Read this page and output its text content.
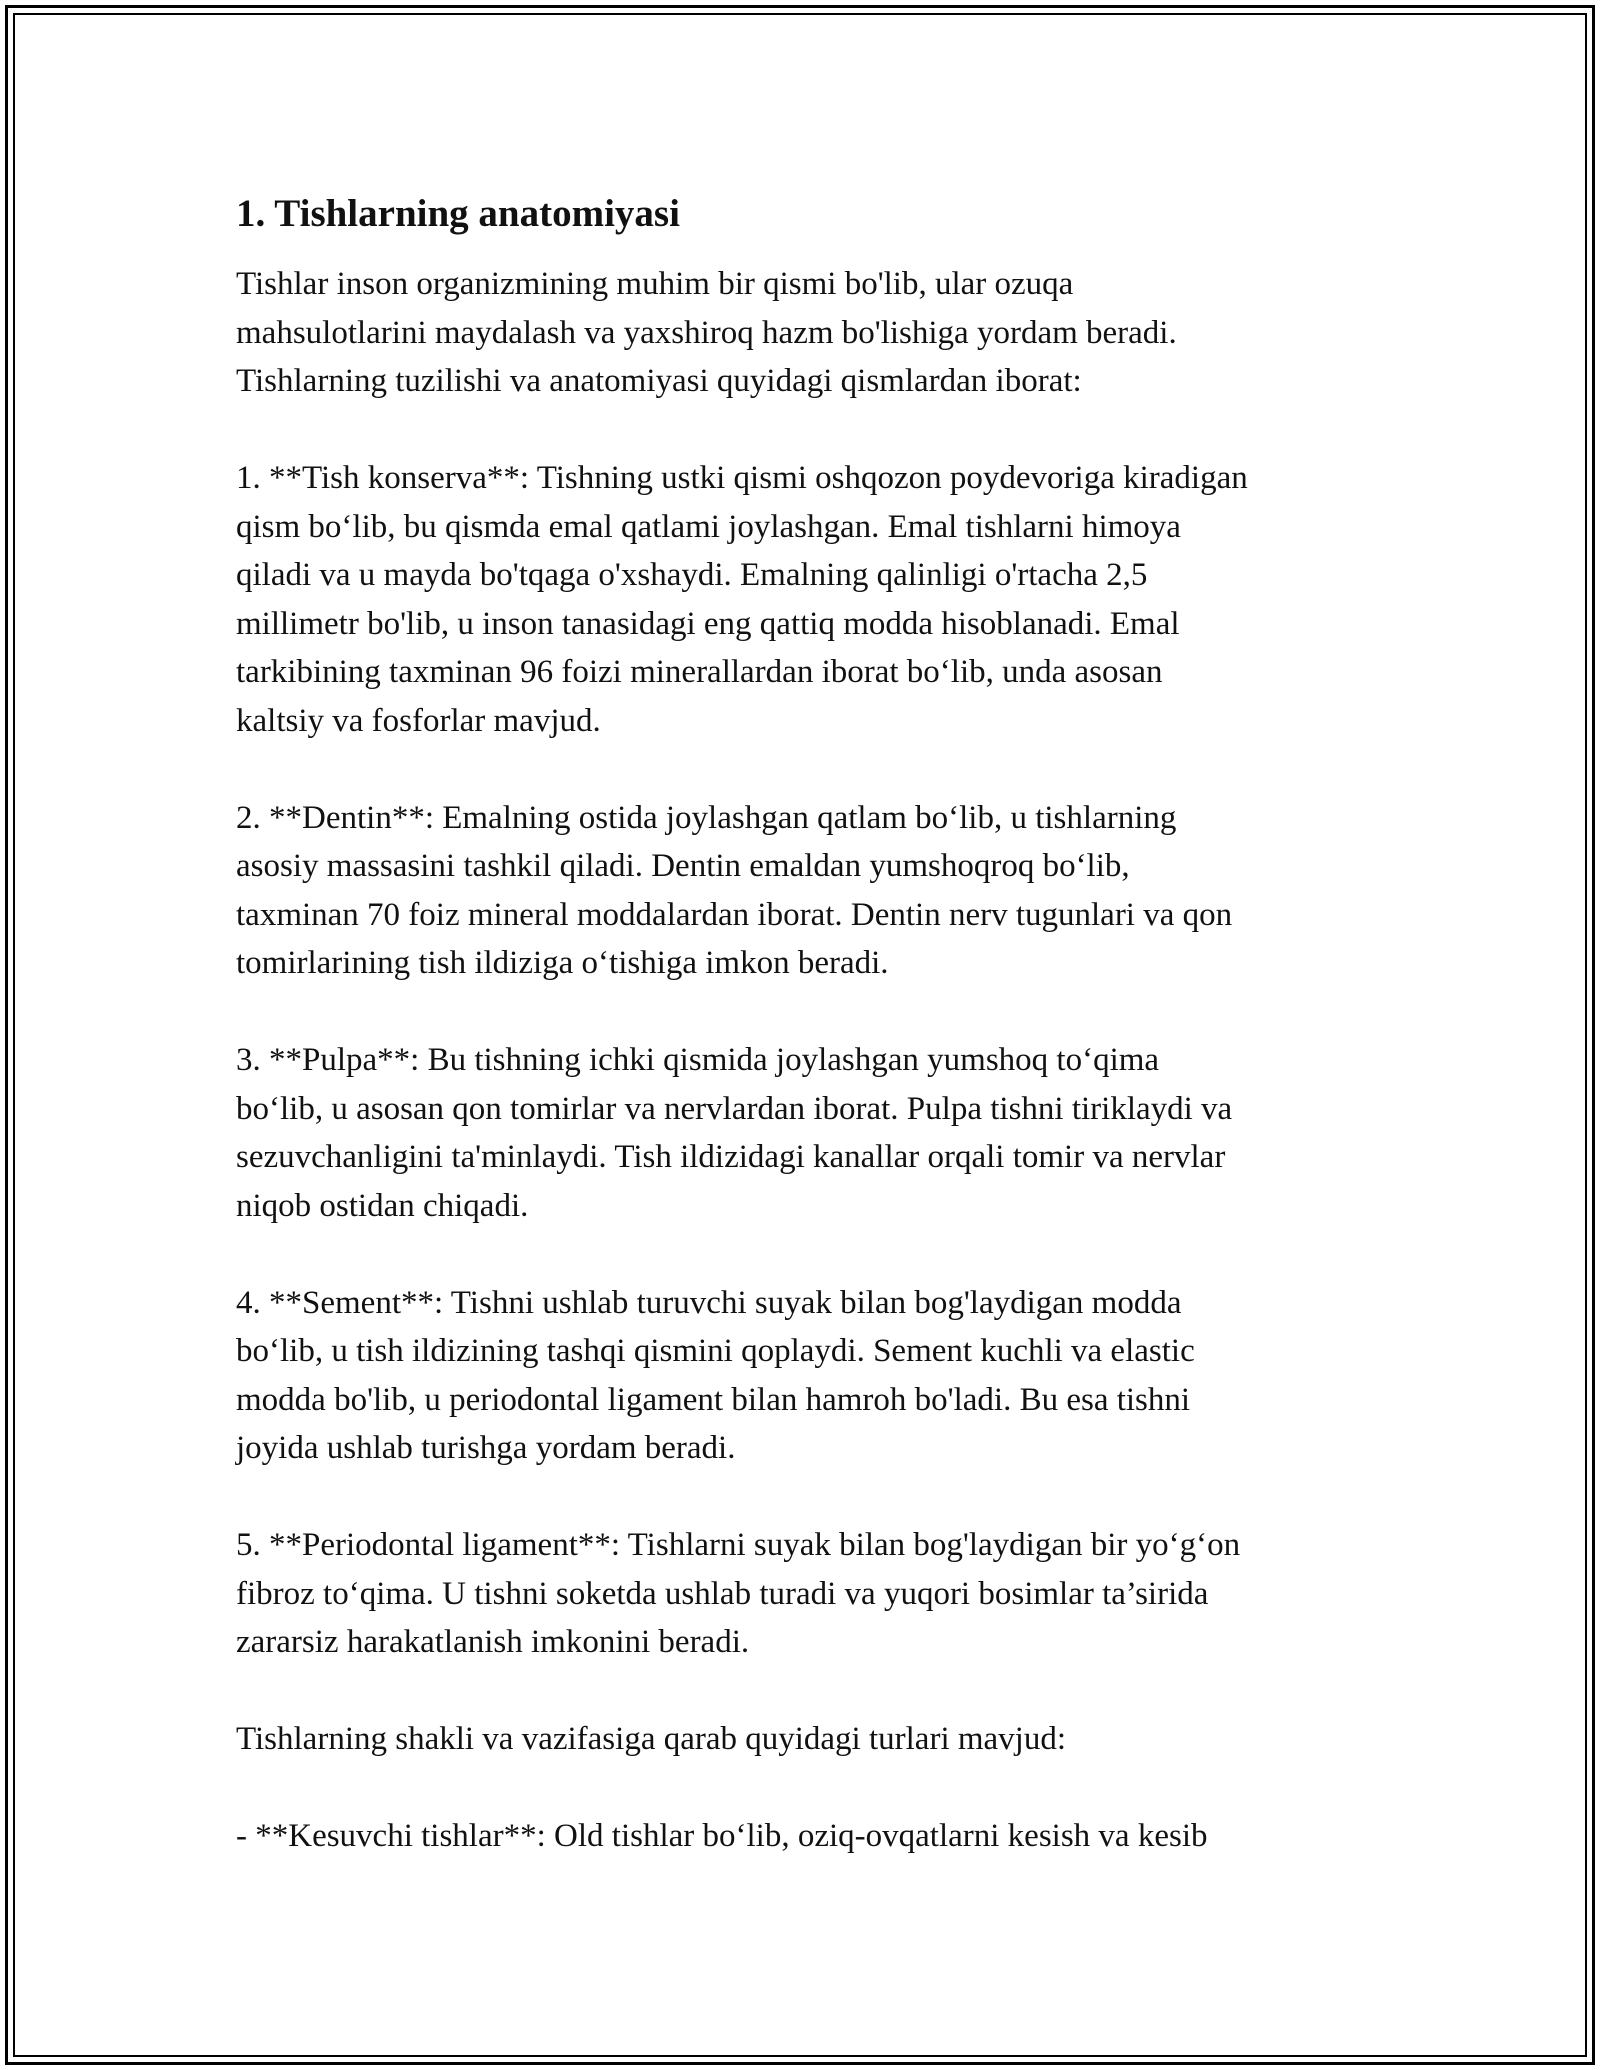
1. Tishlarning anatomiyasi

Tishlar inson organizmining muhim bir qismi bo'lib, ular ozuqa
mahsulotlarini maydalash va yaxshiroq hazm bo'lishiga yordam beradi.
Tishlarning tuzilishi va anatomiyasi quyidagi qismlardan iborat:

1. **Tish konserva**: Tishning ustki qismi oshqozon poydevoriga kiradigan
qism bo‘lib, bu qismda emal qatlami joylashgan. Emal tishlarni himoya
qiladi va u mayda bo'tqaga o'xshaydi. Emalning qalinligi o'rtacha 2,5
millimetr bo'lib, u inson tanasidagi eng qattiq modda hisoblanadi. Emal
tarkibining taxminan 96 foizi minerallardan iborat bo‘lib, unda asosan
kaltsiy va fosforlar mavjud.

2. **Dentin**: Emalning ostida joylashgan qatlam bo‘lib, u tishlarning
asosiy massasini tashkil qiladi. Dentin emaldan yumshoqroq bo‘lib,
taxminan 70 foiz mineral moddalardan iborat. Dentin nerv tugunlari va qon
tomirlarining tish ildiziga o‘tishiga imkon beradi.

3. **Pulpa**: Bu tishning ichki qismida joylashgan yumshoq to‘qima
bo‘lib, u asosan qon tomirlar va nervlardan iborat. Pulpa tishni tiriklaydi va
sezuvchanligini ta'minlaydi. Tish ildizidagi kanallar orqali tomir va nervlar
niqob ostidan chiqadi.

4. **Sement**: Tishni ushlab turuvchi suyak bilan bog'laydigan modda
bo‘lib, u tish ildizining tashqi qismini qoplaydi. Sement kuchli va elastic
modda bo'lib, u periodontal ligament bilan hamroh bo'ladi. Bu esa tishni
joyida ushlab turishga yordam beradi.

5. **Periodontal ligament**: Tishlarni suyak bilan bog'laydigan bir yo‘g‘on
fibroz to‘qima. U tishni soketda ushlab turadi va yuqori bosimlar ta’sirida
zararsiz harakatlanish imkonini beradi.

Tishlarning shakli va vazifasiga qarab quyidagi turlari mavjud:

- **Kesuvchi tishlar**: Old tishlar bo‘lib, oziq-ovqatlarni kesish va kesib
